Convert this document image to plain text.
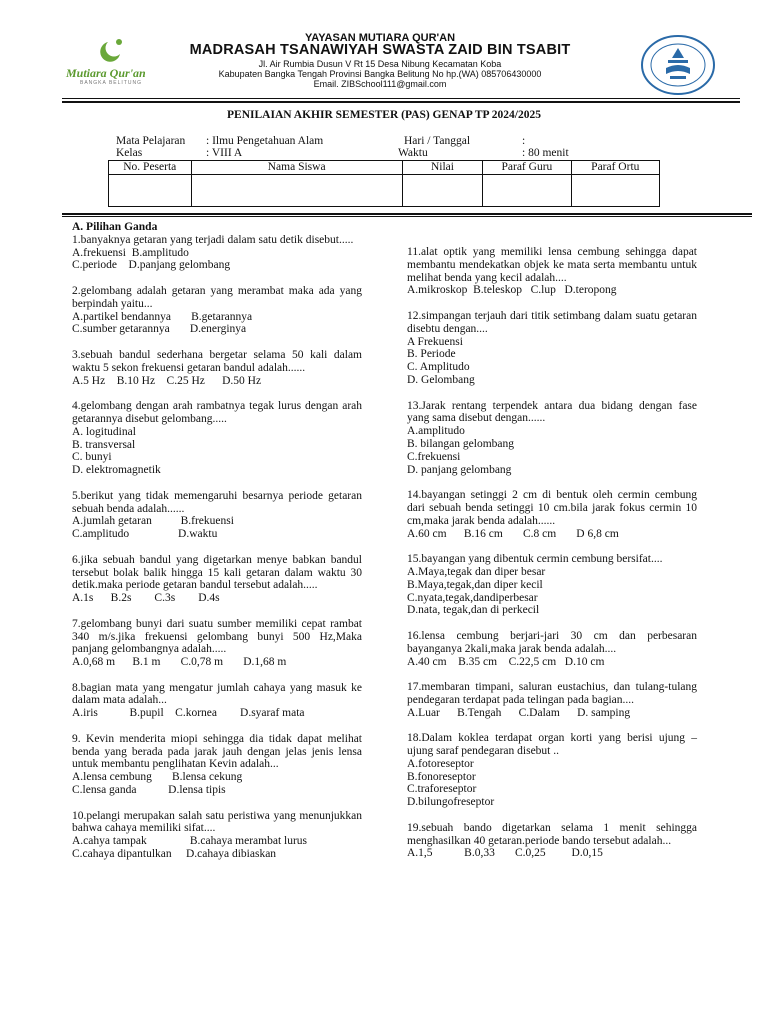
Mutiara Qur'an
BANGKA BELITUNG
YAYASAN MUTIARA QUR'AN
MADRASAH TSANAWIYAH SWASTA ZAID BIN TSABIT
Jl. Air Rumbia Dusun V Rt 15 Desa Nibung Kecamatan Koba
Kabupaten Bangka Tengah Provinsi Bangka Belitung No hp.(WA) 085706430000
Email. ZIBSchool111@gmail.com
PENILAIAN AKHIR SEMESTER (PAS) GENAP TP 2024/2025
Mata Pelajaran : Ilmu Pengetahuan Alam
Kelas	: VIII A
Hari / Tanggal	:
Waktu	: 80 menit
No. Peserta	Nama Siswa	Nilai	Paraf Guru	Paraf Ortu

A. Pilihan Ganda
1.banyaknya getaran yang terjadi dalam satu detik disebut.....
A.frekuensi  B.amplitudo
C.periode    D.panjang gelombang
2.gelombang adalah getaran yang merambat maka ada yang berpindah yaitu...
A.partikel bendannya       B.getarannya
C.sumber getarannya       D.energinya
3.sebuah bandul sederhana bergetar selama 50 kali dalam waktu 5 sekon frekuensi getaran bandul adalah......
A.5 Hz    B.10 Hz    C.25 Hz      D.50 Hz
4.gelombang dengan arah rambatnya tegak lurus dengan arah getarannya disebut gelombang.....
A. logitudinal
B. transversal
C. bunyi
D. elektromagnetik
5.berikut yang tidak memengaruhi besarnya periode getaran sebuah benda adalah......
A.jumlah getaran          B.frekuensi
C.amplitudo                 D.waktu
6.jika sebuah bandul yang digetarkan menye babkan bandul tersebut bolak balik hingga 15 kali getaran dalam waktu 30 detik.maka periode getaran bandul tersebut adalah.....
A.1s      B.2s        C.3s        D.4s
7.gelombang bunyi dari suatu sumber memiliki cepat rambat 340 m/s.jika frekuensi gelombang bunyi 500 Hz,Maka panjang gelombangnya adalah.....
A.0,68 m      B.1 m       C.0,78 m       D.1,68 m
8.bagian mata yang mengatur jumlah cahaya yang masuk ke dalam mata adalah...
A.iris           B.pupil    C.kornea        D.syaraf mata
9. Kevin menderita miopi sehingga dia tidak dapat melihat benda yang berada pada jarak jauh dengan jelas jenis lensa untuk membantu penglihatan Kevin adalah...
A.lensa cembung       B.lensa cekung
C.lensa ganda           D.lensa tipis
10.pelangi merupakan salah satu peristiwa yang menunjukkan bahwa cahaya memiliki sifat....
A.cahya tampak               B.cahaya merambat lurus
C.cahaya dipantulkan     D.cahaya dibiaskan
11.alat optik yang memiliki lensa cembung sehingga dapat membantu mendekatkan objek ke mata serta membantu untuk melihat benda yang kecil adalah....
A.mikroskop  B.teleskop   C.lup   D.teropong
12.simpangan terjauh dari titik setimbang dalam suatu getaran disebtu dengan....
A Frekuensi
B. Periode
C. Amplitudo
D. Gelombang
13.Jarak rentang terpendek antara dua bidang dengan fase yang sama disebut dengan......
A.amplitudo
B. bilangan gelombang
C.frekuensi
D. panjang gelombang
14.bayangan setinggi 2 cm di bentuk oleh cermin cembung dari sebuah benda setinggi 10 cm.bila jarak fokus cermin 10 cm,maka jarak benda adalah......
A.60 cm      B.16 cm       C.8 cm       D 6,8 cm
15.bayangan yang dibentuk cermin cembung bersifat....
A.Maya,tegak dan diper besar
B.Maya,tegak,dan diper kecil
C.nyata,tegak,dandiperbesar
D.nata, tegak,dan di perkecil
16.lensa cembung berjari-jari 30 cm dan perbesaran bayanganya 2kali,maka jarak benda adalah....
A.40 cm    B.35 cm    C.22,5 cm   D.10 cm
17.membaran timpani, saluran eustachius, dan tulang-tulang pendegaran terdapat pada telingan pada bagian....
A.Luar      B.Tengah      C.Dalam      D. samping
18.Dalam koklea terdapat organ korti yang berisi ujung – ujung saraf pendegaran disebut ..
A.fotoreseptor
B.fonoreseptor
C.traforeseptor
D.bilungofreseptor
19.sebuah bando digetarkan selama 1 menit sehingga menghasilkan 40 getaran.periode bando tersebut adalah...
A.1,5           B.0,33       C.0,25         D.0,15
